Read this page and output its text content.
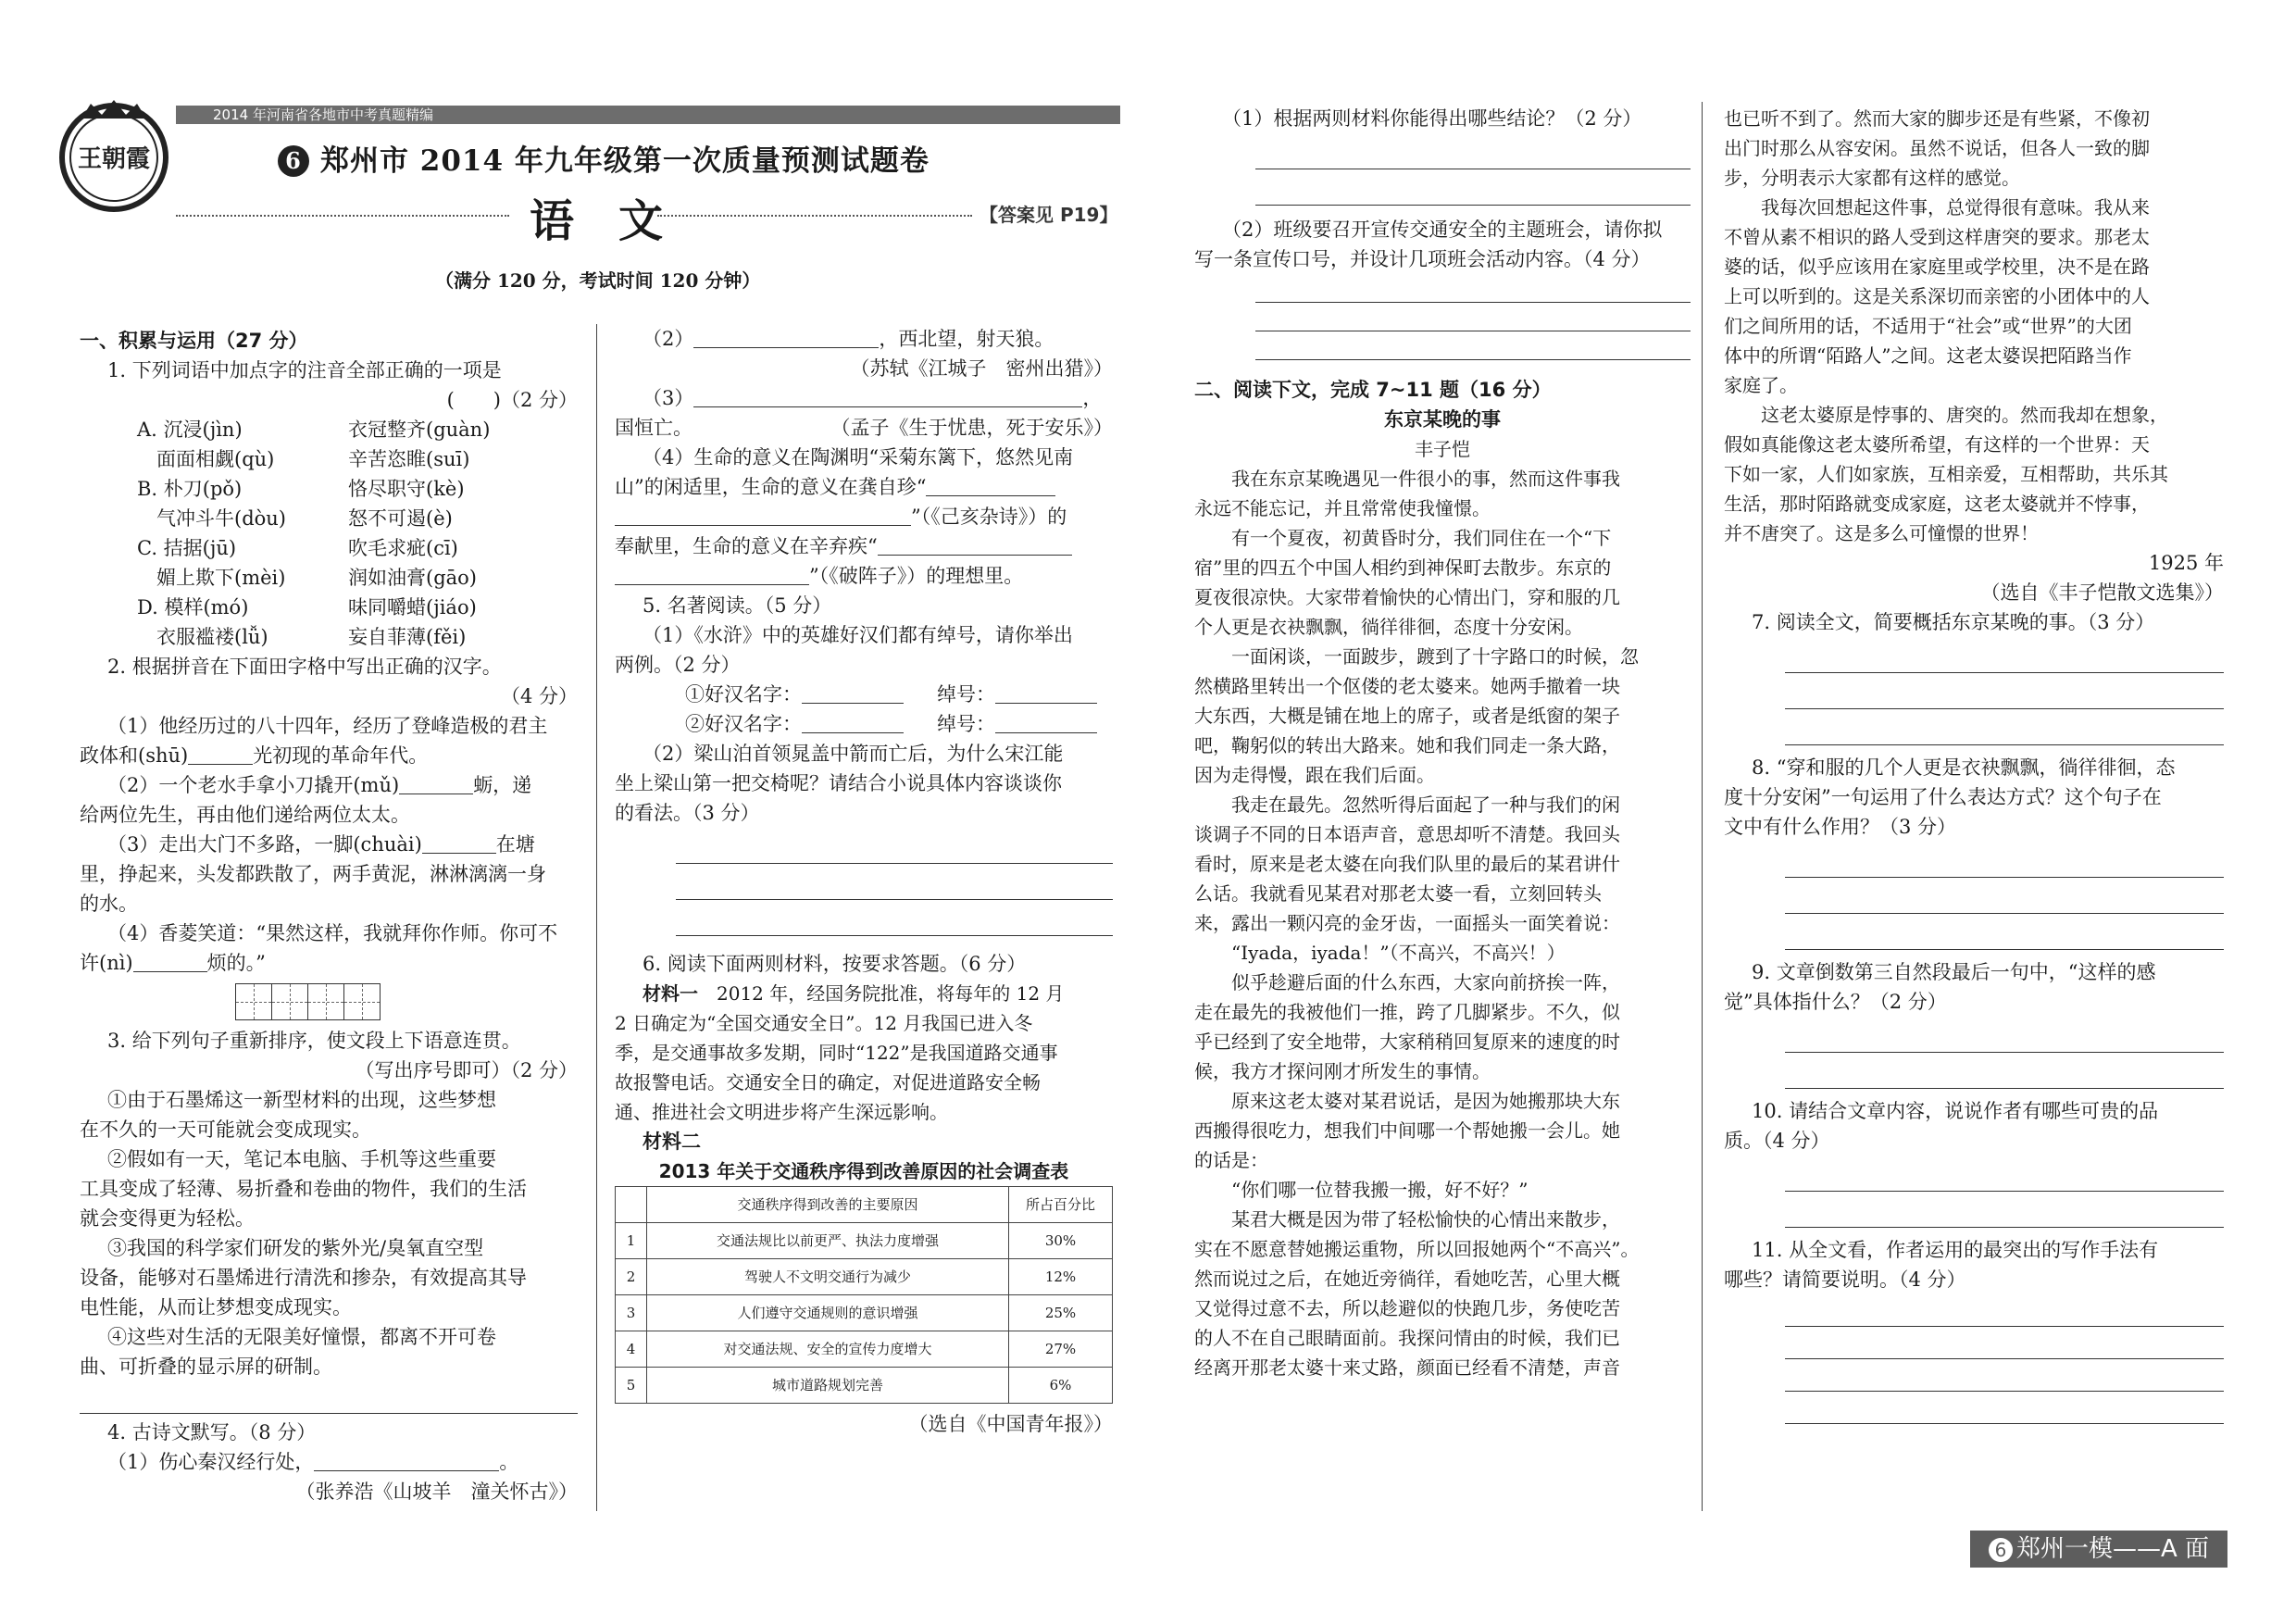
2014 年河南省各地市中考真题精编
王朝霞	6 郑州市 2014 年九年级第一次质量预测试题卷
语文	【答案见 P19】
（满分 120 分，考试时间 120 分钟）

一、积累与运用（27 分）

1. 下列词语中加点字的注音全部正确的一项是

(　　)（2 分）

A. 沉浸(jìn)	衣冠整齐(guàn)
　面面相觑(qù)	辛苦恣睢(suī)
B. 朴刀(pǒ)	恪尽职守(kè)
　气冲斗牛(dòu)	怒不可遏(è)
C. 拮据(jū)	吹毛求疵(cī)
　媚上欺下(mèi)	润如油膏(gāo)
D. 模样(mó)	味同嚼蜡(jiáo)
　衣服褴褛(lǚ)	妄自菲薄(fěi)

2. 根据拼音在下面田字格中写出正确的汉字。

（4 分）

（1）他经历过的八十四年，经历了登峰造极的君主

政体和(shū)	光初现的革命年代。

（2）一个老水手拿小刀撬开(mǔ)	蛎，递

给两位先生，再由他们递给两位太太。

（3）走出大门不多路，一脚(chuài)	在塘

里，挣起来，头发都跌散了，两手黄泥，淋淋漓漓一身

的水。

（4）香菱笑道：“果然这样，我就拜你作师。你可不

许(nì)	烦的。”

3. 给下列句子重新排序，使文段上下语意连贯。

（写出序号即可）（2 分）

①由于石墨烯这一新型材料的出现，这些梦想

在不久的一天可能就会变成现实。

②假如有一天，笔记本电脑、手机等这些重要

工具变成了轻薄、易折叠和卷曲的物件，我们的生活

就会变得更为轻松。

③我国的科学家们研发的紫外光/臭氧直空型

设备，能够对石墨烯进行清洗和掺杂，有效提高其导

电性能，从而让梦想变成现实。

④这些对生活的无限美好憧憬，都离不开可卷

曲、可折叠的显示屏的研制。

4. 古诗文默写。（8 分）

（1）伤心秦汉经行处，	。

（张养浩《山坡羊　潼关怀古》）

（2）	，西北望，射天狼。

（苏轼《江城子　密州出猎》）

（3）	，

国恒亡。	（孟子《生于忧患，死于安乐》）

（4）生命的意义在陶渊明“采菊东篱下，悠然见南

山”的闲适里，生命的意义在龚自珍“

”（《己亥杂诗》）的

奉献里，生命的意义在辛弃疾“

”（《破阵子》）的理想里。

5. 名著阅读。（5 分）

（1）《水浒》中的英雄好汉们都有绰号，请你举出

两例。（2 分）

①好汉名字：	绰号：

②好汉名字：	绰号：

（2）梁山泊首领晁盖中箭而亡后，为什么宋江能

坐上梁山第一把交椅呢？请结合小说具体内容谈谈你

的看法。（3 分）

6. 阅读下面两则材料，按要求答题。（6 分）

材料一　 2012 年，经国务院批准，将每年的 12 月

2 日确定为“全国交通安全日”。12 月我国已进入冬

季，是交通事故多发期，同时“122”是我国道路交通事

故报警电话。交通安全日的确定，对促进道路安全畅

通、推进社会文明进步将产生深远影响。

材料二

2013 年关于交通秩序得到改善原因的社会调查表

	交通秩序得到改善的主要原因	所占百分比
1	交通法规比以前更严、执法力度增强	30%
2	驾驶人不文明交通行为减少	12%
3	人们遵守交通规则的意识增强	25%
4	对交通法规、安全的宣传力度增大	27%
5	城市道路规划完善	6%

（选自《中国青年报》）

（1）根据两则材料你能得出哪些结论？（2 分）

（2）班级要召开宣传交通安全的主题班会，请你拟

写一条宣传口号，并设计几项班会活动内容。（4 分）

二、阅读下文，完成 7~11 题（16 分）

东京某晚的事

丰子恺

　　我在东京某晚遇见一件很小的事，然而这件事我

永远不能忘记，并且常常使我憧憬。

　　有一个夏夜，初黄昏时分，我们同住在一个“下

宿”里的四五个中国人相约到神保町去散步。东京的

夏夜很凉快。大家带着愉快的心情出门，穿和服的几

个人更是衣袂飘飘，徜徉徘徊，态度十分安闲。

　　一面闲谈，一面跛步，踱到了十字路口的时候，忽

然横路里转出一个伛偻的老太婆来。她两手撤着一块

大东西，大概是铺在地上的席子，或者是纸窗的架子

吧，鞠躬似的转出大路来。她和我们同走一条大路，

因为走得慢，跟在我们后面。

　　我走在最先。忽然听得后面起了一种与我们的闲

谈调子不同的日本语声音，意思却听不清楚。我回头

看时，原来是老太婆在向我们队里的最后的某君讲什

么话。我就看见某君对那老太婆一看，立刻回转头

来，露出一颗闪亮的金牙齿，一面摇头一面笑着说：

　　“Iyada，iyada！”（不高兴，不高兴！）

　　似乎趁避后面的什么东西，大家向前挤挨一阵，

走在最先的我被他们一推，跨了几脚紧步。不久，似

乎已经到了安全地带，大家稍稍回复原来的速度的时

候，我方才探问刚才所发生的事情。

　　原来这老太婆对某君说话，是因为她搬那块大东

西搬得很吃力，想我们中间哪一个帮她搬一会儿。她

的话是：

　　“你们哪一位替我搬一搬，好不好？”

　　某君大概是因为带了轻松愉快的心情出来散步，

实在不愿意替她搬运重物，所以回报她两个“不高兴”。

然而说过之后，在她近旁徜徉，看她吃苦，心里大概

又觉得过意不去，所以趁避似的快跑几步，务使吃苦

的人不在自己眼睛面前。我探问情由的时候，我们已

经离开那老太婆十来丈路，颜面已经看不清楚，声音

也已听不到了。然而大家的脚步还是有些紧，不像初

出门时那么从容安闲。虽然不说话，但各人一致的脚

步，分明表示大家都有这样的感觉。

　　我每次回想起这件事，总觉得很有意味。我从来

不曾从素不相识的路人受到这样唐突的要求。那老太

婆的话，似乎应该用在家庭里或学校里，决不是在路

上可以听到的。这是关系深切而亲密的小团体中的人

们之间所用的话，不适用于“社会”或“世界”的大团

体中的所谓“陌路人”之间。这老太婆误把陌路当作

家庭了。

　　这老太婆原是悖事的、唐突的。然而我却在想象，

假如真能像这老太婆所希望，有这样的一个世界：天

下如一家，人们如家族，互相亲爱，互相帮助，共乐其

生活，那时陌路就变成家庭，这老太婆就并不悖事，

并不唐突了。这是多么可憧憬的世界！

1925 年

（选自《丰子恺散文选集》）

7. 阅读全文，简要概括东京某晚的事。（3 分）

8. “穿和服的几个人更是衣袂飘飘，徜徉徘徊，态

度十分安闲”一句运用了什么表达方式？这个句子在

文中有什么作用？（3 分）

9. 文章倒数第三自然段最后一句中，“这样的感

觉”具体指什么？（2 分）

10. 请结合文章内容，说说作者有哪些可贵的品

质。（4 分）

11. 从全文看，作者运用的最突出的写作手法有

哪些？请简要说明。（4 分）

6 郑州一模——A 面
